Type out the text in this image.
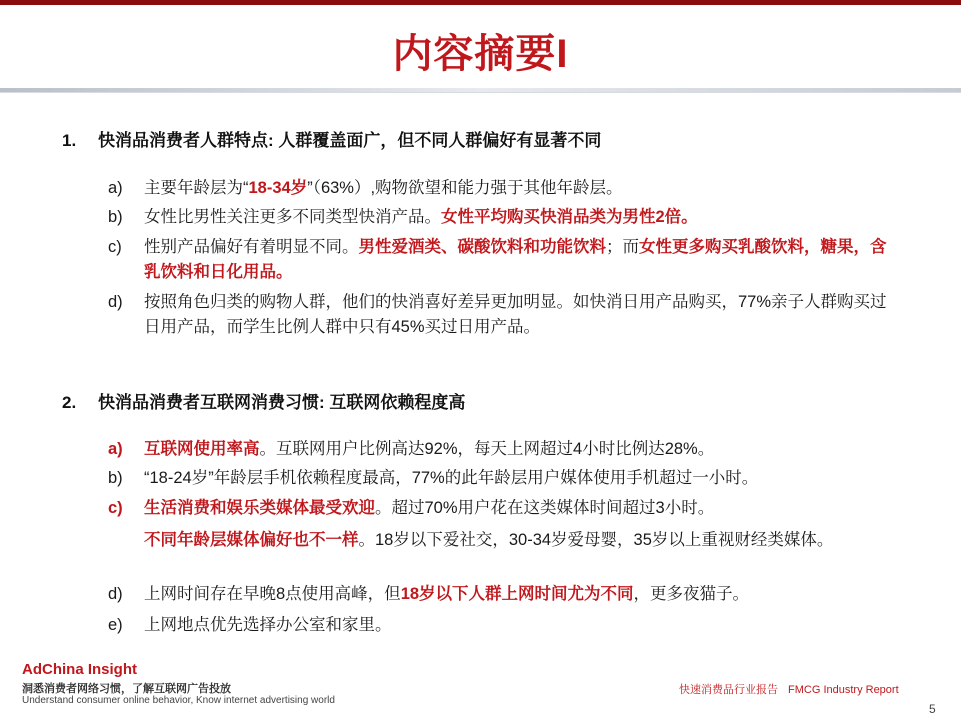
内容摘要I
1. 快消品消费者人群特点: 人群覆盖面广，但不同人群偏好有显著不同
a)	主要年龄层为“18-34岁”（63%）,购物欲望和能力强于其他年龄层。
b)	女性比男性关注更多不同类型快消产品。女性平均购买快消品类为男性2倍。
c)	性别产品偏好有着明显不同。男性爱酒类、碳酸饮料和功能饮料；而女性更多购买乳酸饮料，糖果，含乳饮料和日化用品。
d)	按照角色归类的购物人群，他们的快消喜好差异更加明显。如快消日用产品购买，77%亲子人群购买过日用产品，而学生比例人群中只有45%买过日用产品。
2. 快消品消费者互联网消费习惯: 互联网依赖程度高
a)	互联网使用率高。互联网用户比例高达92%，每天上网超过4小时比例达28%。
b)	“18-24岁”年龄层手机依赖程度最高，77%的此年龄层用户媒体使用手机超过一小时。
c)	生活消费和娱乐类媒体最受欢迎。超过70%用户花在这类媒体时间超过3小时。
不同年龄层媒体偏好也不一样。18岁以下爱社交，30-34岁爱母婴，35岁以上重视财经类媒体。
d)	上网时间存在早晚8点使用高峰，但18岁以下人群上网时间尤为不同，更多夜猫子。
e)	上网地点优先选择办公室和家里。
AdChina Insight
洞悉消费者网络习惯，了解互联网广告投放
Understand consumer online behavior, Know internet advertising world
快速消费品行业报告 FMCG Industry Report
5
